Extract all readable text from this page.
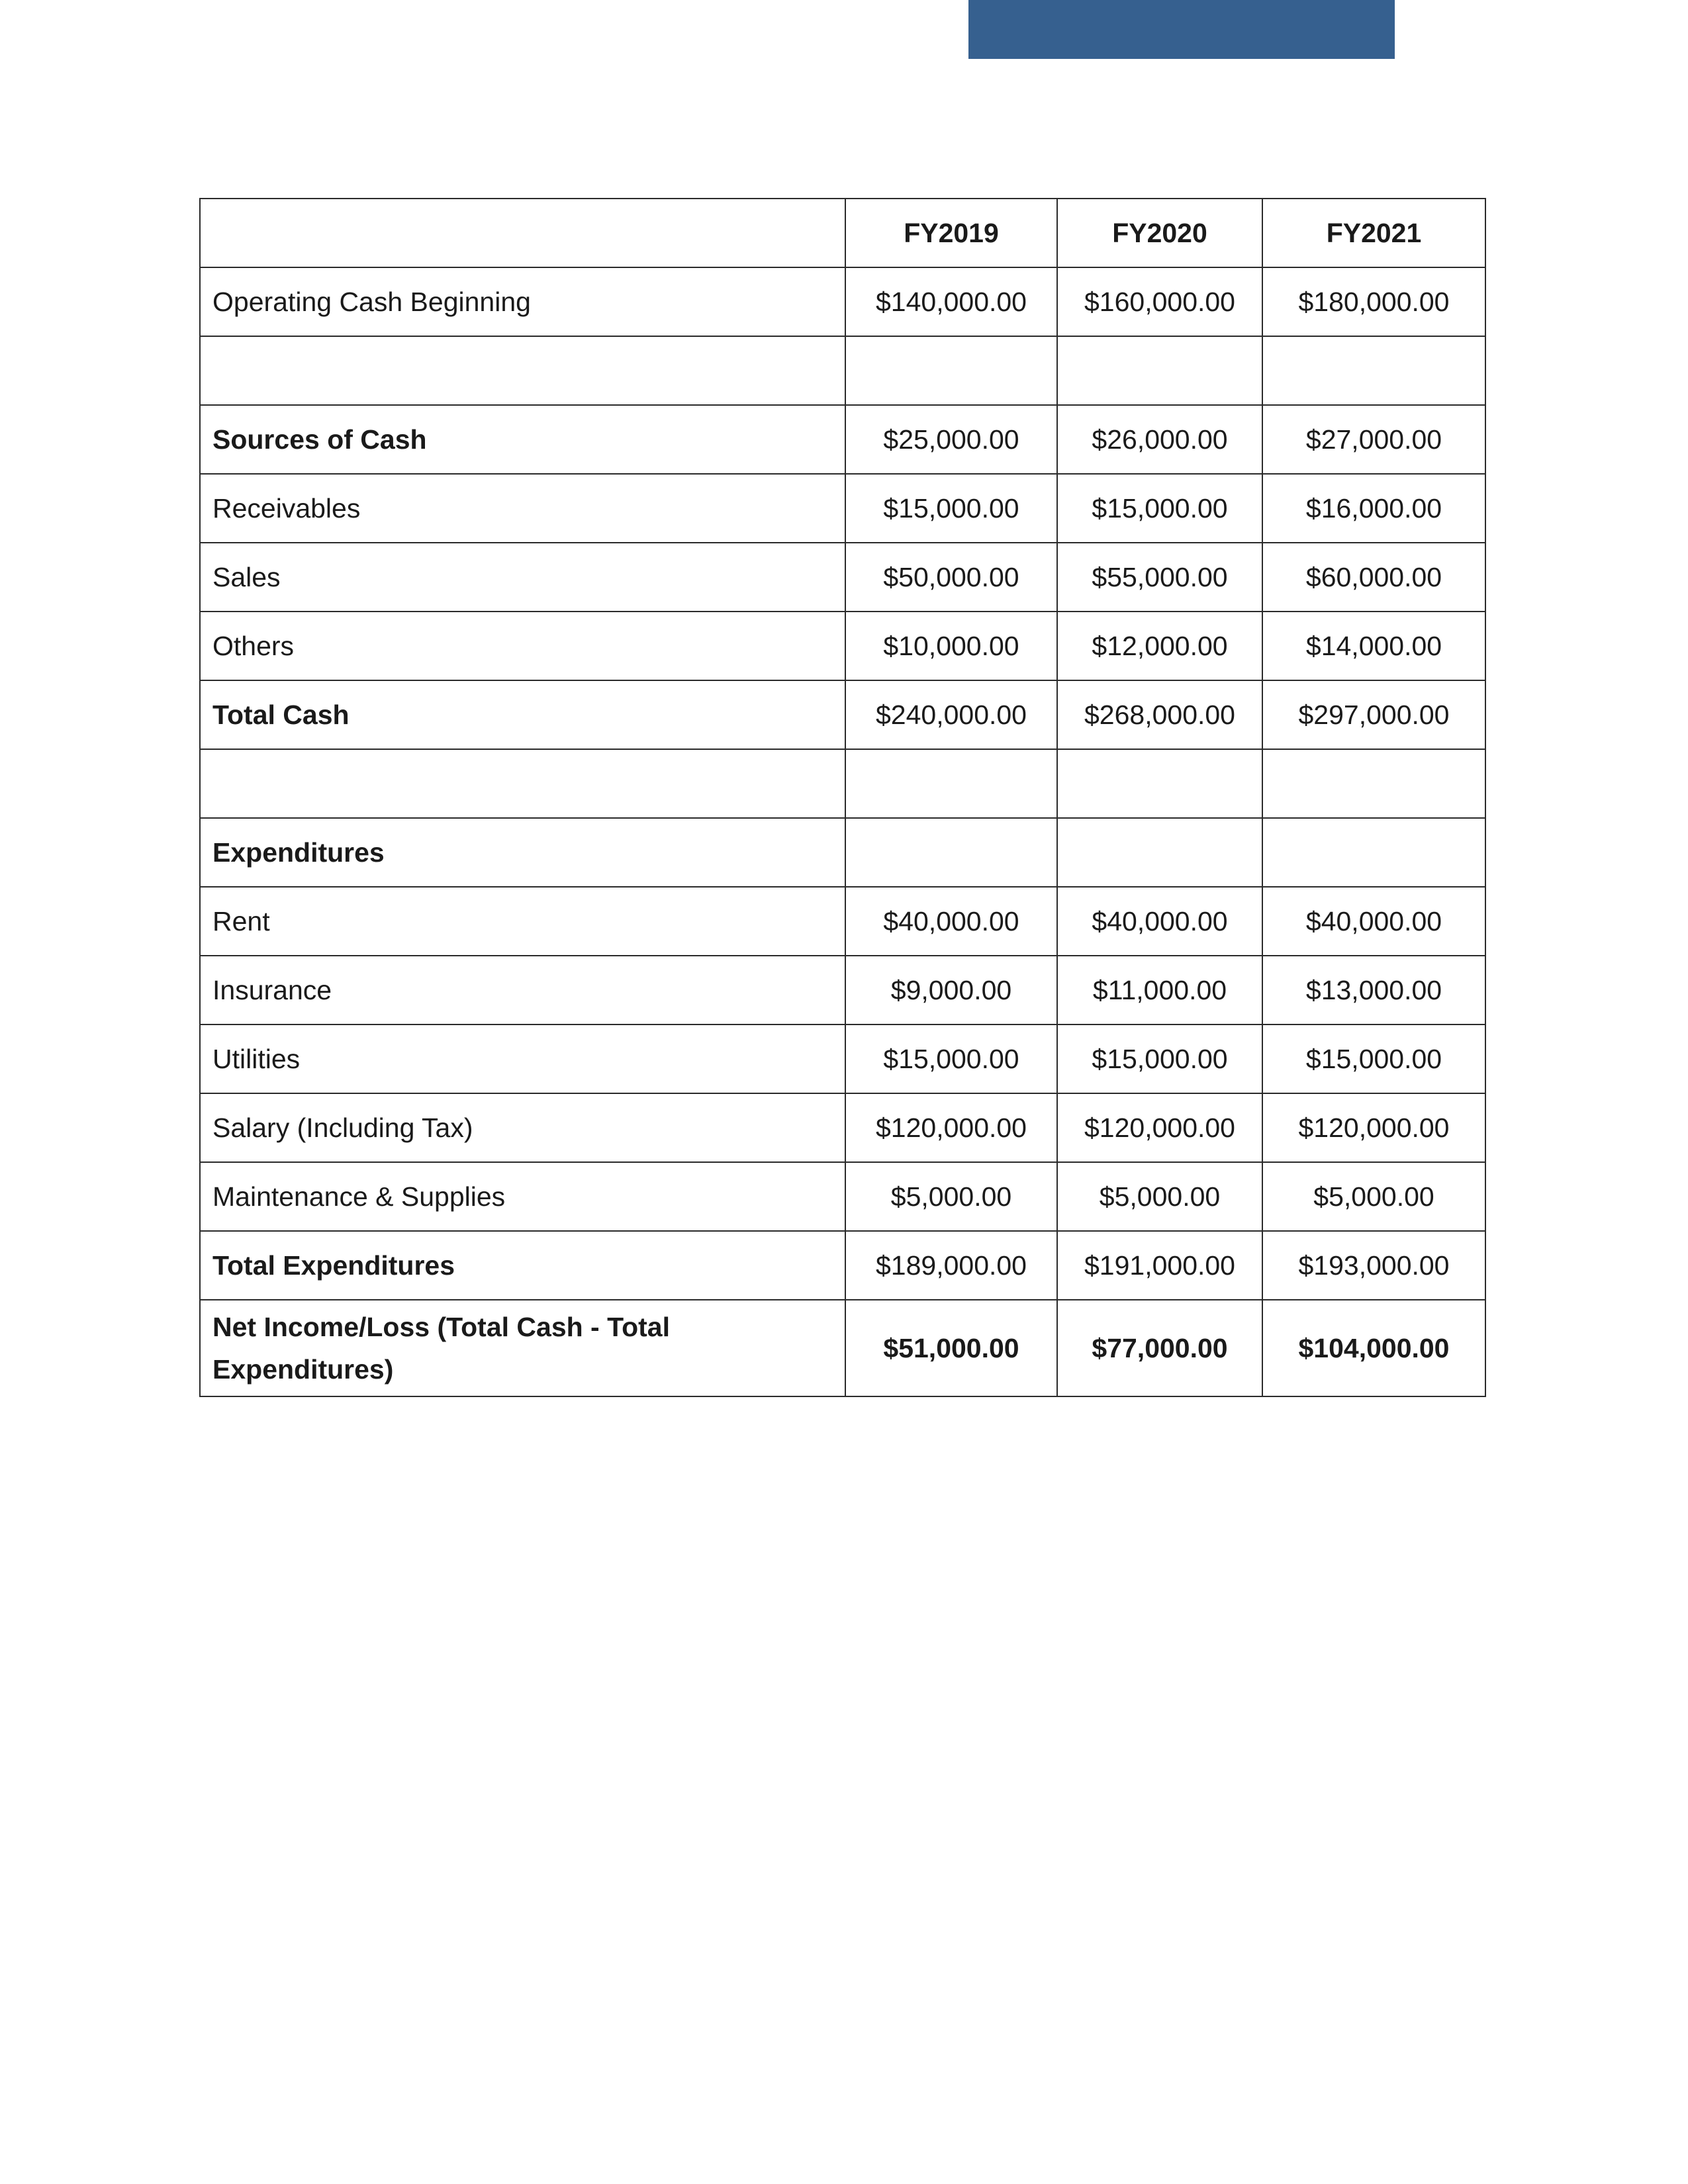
	FY2019	FY2020	FY2021
Operating Cash Beginning	$140,000.00	$160,000.00	$180,000.00

Sources of Cash	$25,000.00	$26,000.00	$27,000.00
Receivables	$15,000.00	$15,000.00	$16,000.00
Sales	$50,000.00	$55,000.00	$60,000.00
Others	$10,000.00	$12,000.00	$14,000.00
Total Cash	$240,000.00	$268,000.00	$297,000.00

Expenditures			
Rent	$40,000.00	$40,000.00	$40,000.00
Insurance	$9,000.00	$11,000.00	$13,000.00
Utilities	$15,000.00	$15,000.00	$15,000.00
Salary (Including Tax)	$120,000.00	$120,000.00	$120,000.00
Maintenance & Supplies	$5,000.00	$5,000.00	$5,000.00
Total Expenditures	$189,000.00	$191,000.00	$193,000.00
Net Income/Loss (Total Cash - Total Expenditures)	$51,000.00	$77,000.00	$104,000.00
